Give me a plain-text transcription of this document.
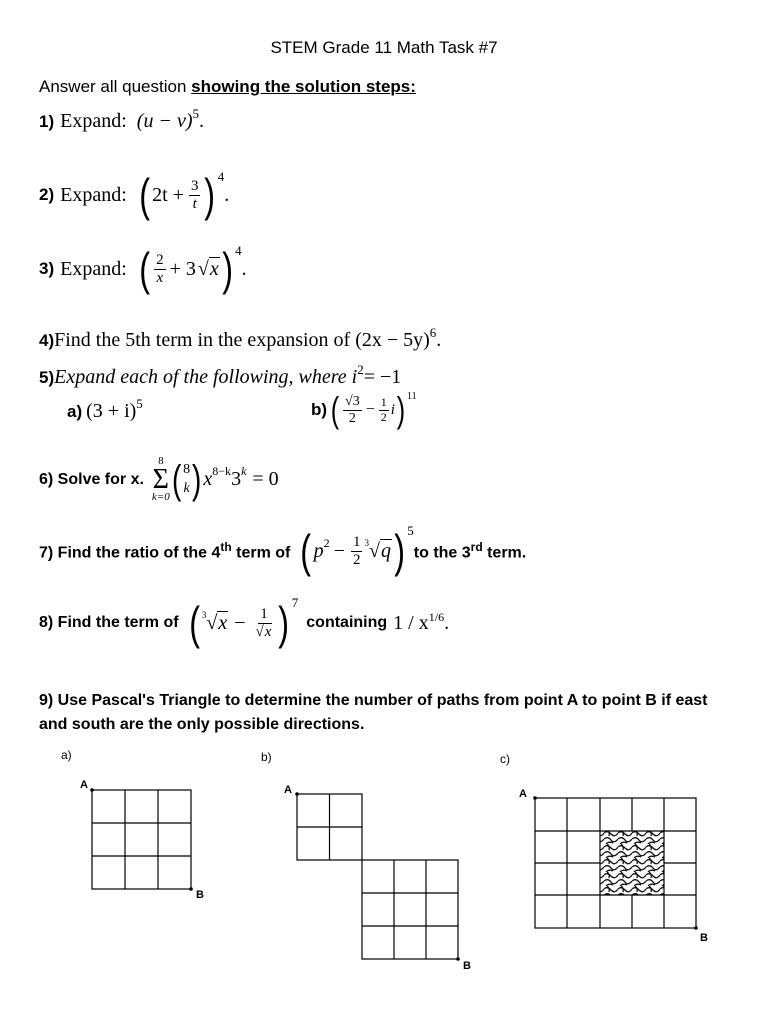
STEM Grade 11 Math Task #7
Answer all question showing the solution steps:
1) Expand: $(u - v)^5$ .
2) Expand: ( $2t + \frac{3}{t}$ ) 4
.
3) Expand: ( $\frac{2}{x} + 3$ √ x ) 4
.
4) Find the 5th term in the expansion of (2x − 5y) 6 .
5) Expand each of the following, where i 2 = −1
a) (3 + i) 5	b) ( $\frac{√3}{2} - \frac{1}{2}$ i ) 11
6) Solve for x.
8
Σ
k=0 ( 8
k ) x 8−k 3 k = 0
7) Find the ratio of the 4th term of ( p $2 - \frac{1}{2} 3$ √ q ) 5
to the 3rd term.
8) Find the term of ( 3 √ $x - \frac{1}{√x}$ ) 7
containing $1 / x^{1/6}$.
9) Use Pascal's Triangle to determine the number of paths from point A to point B if east and south are the only possible directions.
a)	b)	c)
A
B
A
B
A
B
